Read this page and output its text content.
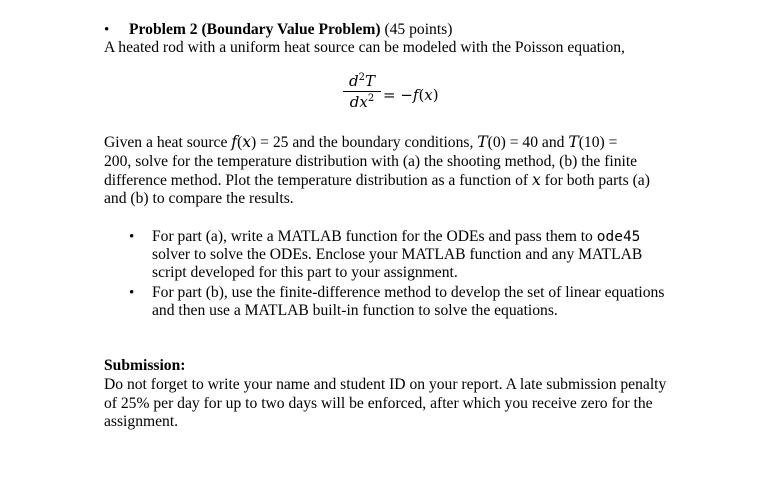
• Problem 2 (Boundary Value Problem) (45 points)
A heated rod with a uniform heat source can be modeled with the Poisson equation,
$d^2T$
$dx^2$ = −𝑓(𝑥)
Given a heat source 𝑓(𝑥) = 25 and the boundary conditions, 𝑇(0) = 40 and 𝑇(10) =
200, solve for the temperature distribution with (a) the shooting method, (b) the finite
difference method. Plot the temperature distribution as a function of 𝑥 for both parts (a)
and (b) to compare the results.
• For part (a), write a MATLAB function for the ODEs and pass them to ode45
solver to solve the ODEs. Enclose your MATLAB function and any MATLAB
script developed for this part to your assignment.
• For part (b), use the finite-difference method to develop the set of linear equations
and then use a MATLAB built-in function to solve the equations.
Submission:
Do not forget to write your name and student ID on your report. A late submission penalty
of 25% per day for up to two days will be enforced, after which you receive zero for the
assignment.
